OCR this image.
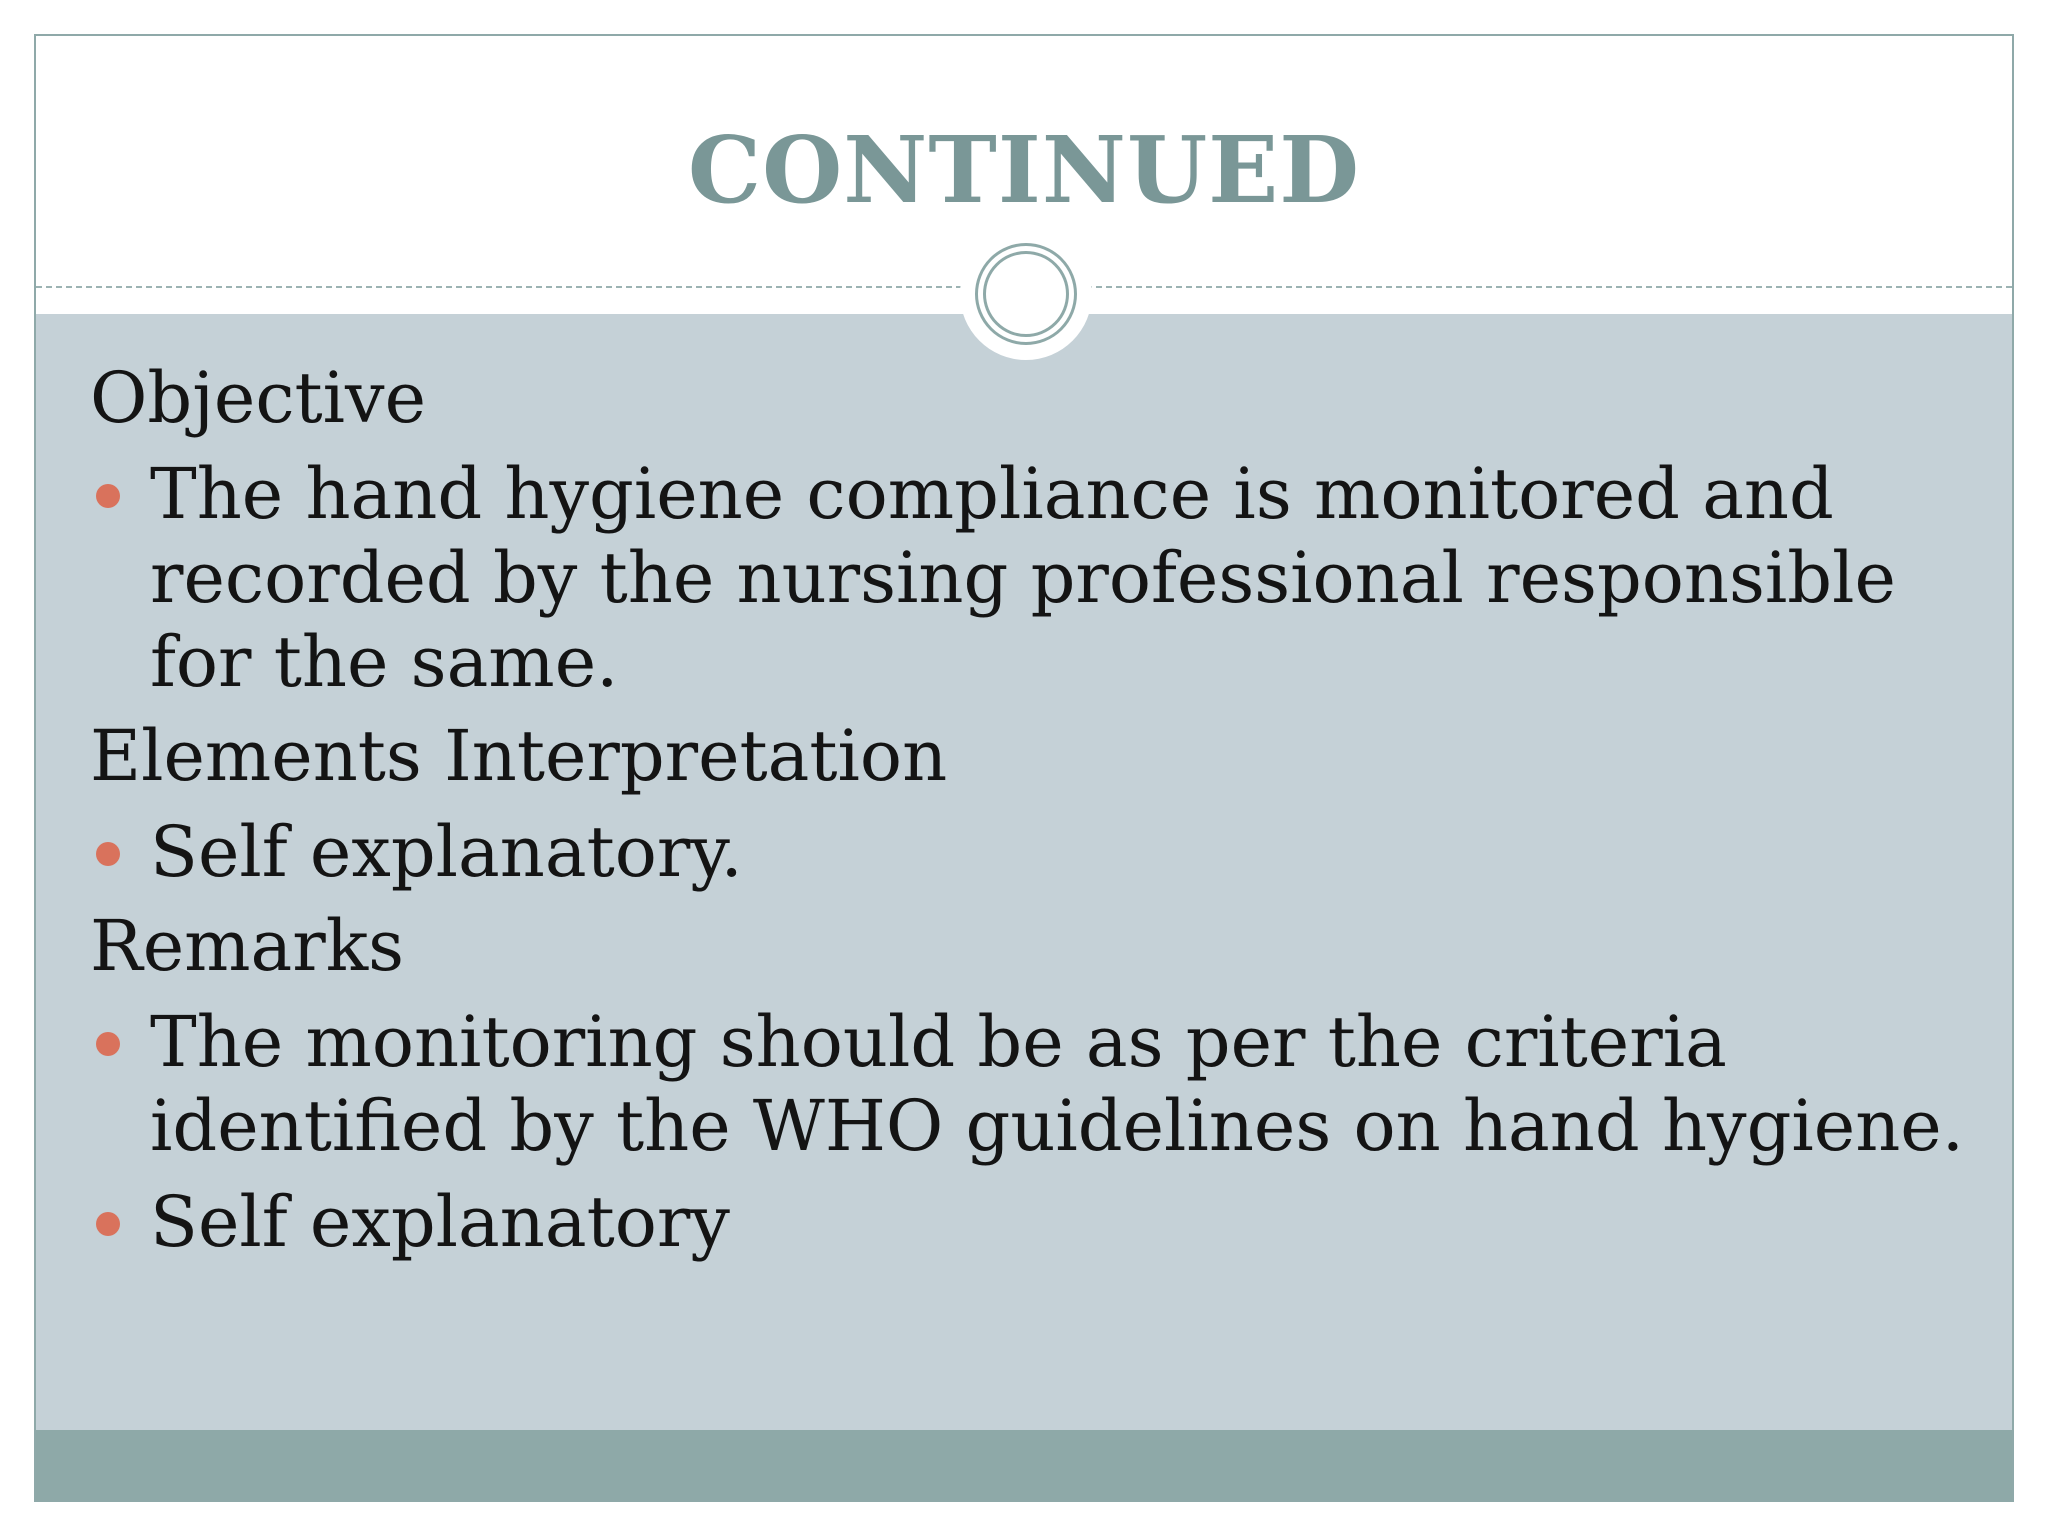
CONTINUED

Objective

The hand hygiene compliance is monitored and recorded by the nursing professional responsible for the same.

Elements Interpretation

Self explanatory.

Remarks

The monitoring should be as per the criteria identified by the WHO guidelines on hand hygiene.
Self explanatory
